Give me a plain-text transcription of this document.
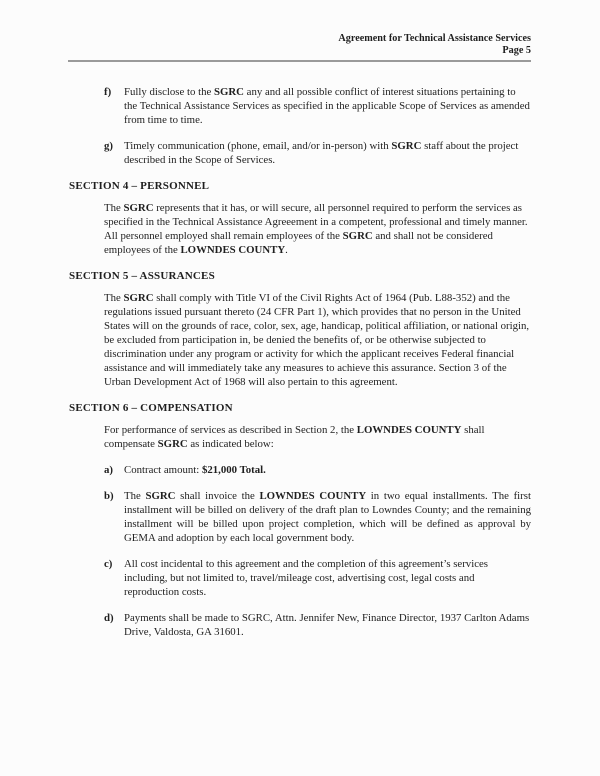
Agreement for Technical Assistance Services
Page 5
f)	Fully disclose to the SGRC any and all possible conflict of interest situations pertaining to the Technical Assistance Services as specified in the applicable Scope of Services as amended from time to time.
g)	Timely communication (phone, email, and/or in-person) with SGRC staff about the project described in the Scope of Services.
SECTION 4 – PERSONNEL

The SGRC represents that it has, or will secure, all personnel required to perform the services as specified in the Technical Assistance Agreeement in a competent, professional and timely manner. All personnel employed shall remain employees of the SGRC and shall not be considered employees of the LOWNDES COUNTY.

SECTION 5 – ASSURANCES

The SGRC shall comply with Title VI of the Civil Rights Act of 1964 (Pub. L88-352) and the regulations issued pursuant thereto (24 CFR Part 1), which provides that no person in the United States will on the grounds of race, color, sex, age, handicap, political affiliation, or national origin, be excluded from participation in, be denied the benefits of, or be otherwise subjected to discrimination under any program or activity for which the applicant receives Federal financial assistance and will immediately take any measures to achieve this assurance. Section 3 of the Urban Development Act of 1968 will also pertain to this agreement.

SECTION 6 – COMPENSATION

For performance of services as described in Section 2, the LOWNDES COUNTY shall compensate SGRC as indicated below:

a)	Contract amount: $21,000 Total.
b) The SGRC shall invoice the LOWNDES COUNTY in two equal installments. The first installment will be billed on delivery of the draft plan to Lowndes County; and the remaining installment will be billed upon project completion, which will be defined as approval by GEMA and adoption by each local government body.
c)	All cost incidental to this agreement and the completion of this agreement’s services including, but not limited to, travel/mileage cost, advertising cost, legal costs and reproduction costs.
d) Payments shall be made to SGRC, Attn. Jennifer New, Finance Director, 1937 Carlton Adams Drive, Valdosta, GA 31601.
